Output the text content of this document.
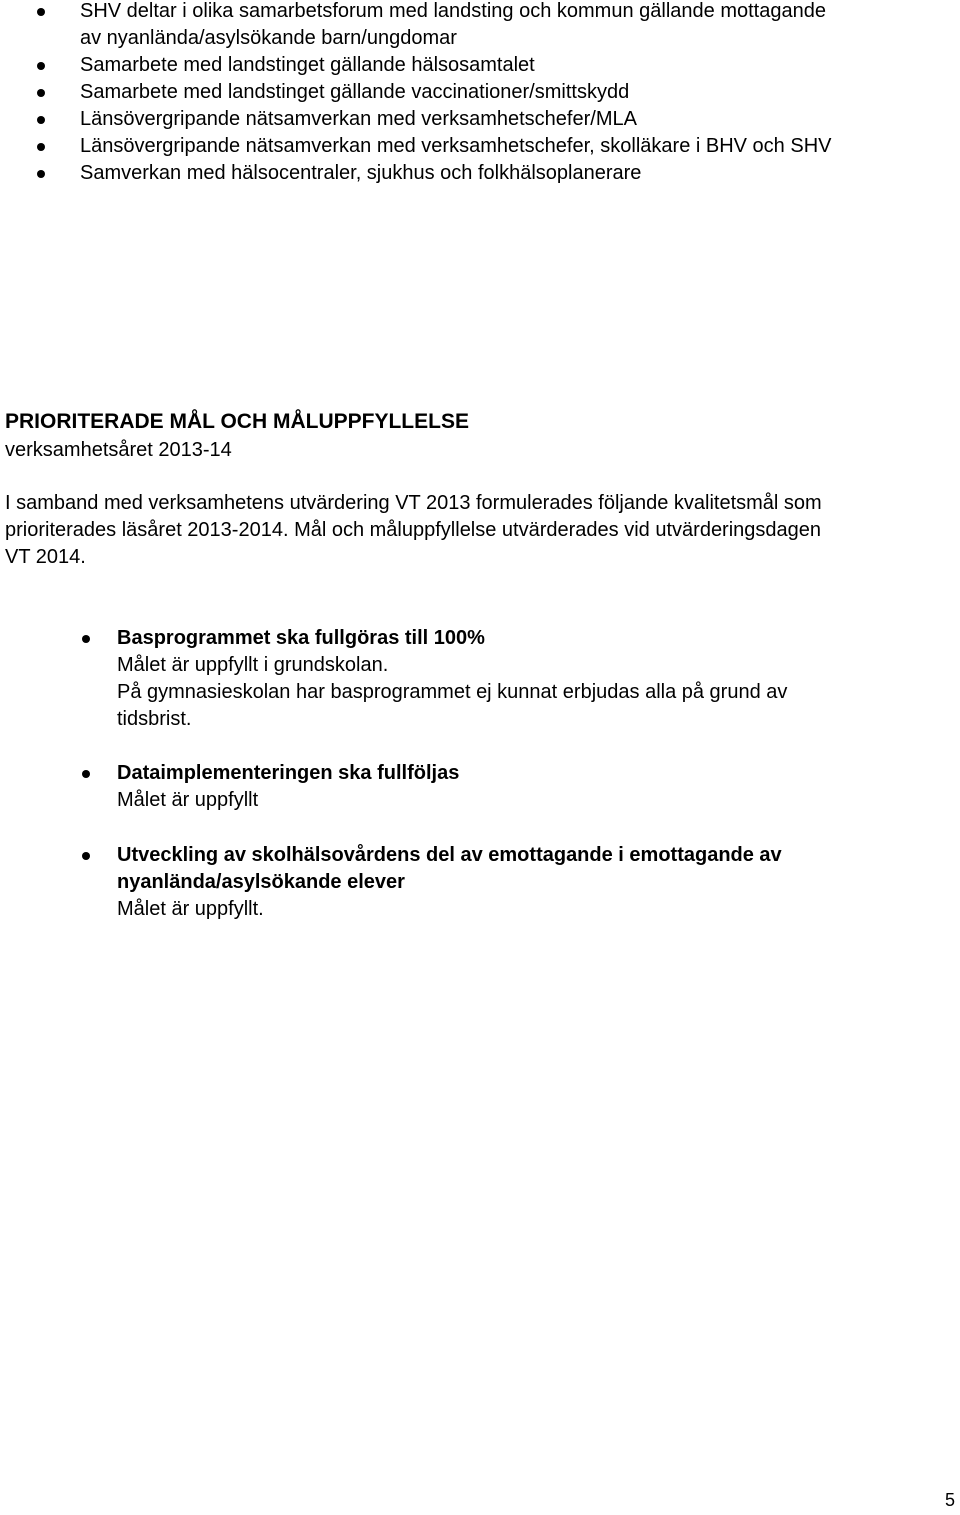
SHV deltar i olika samarbetsforum med landsting och kommun gällande mottagande
av nyanlända/asylsökande barn/ungdomar
Samarbete med landstinget gällande hälsosamtalet
Samarbete med landstinget gällande vaccinationer/smittskydd
Länsövergripande nätsamverkan med verksamhetschefer/MLA
Länsövergripande nätsamverkan med verksamhetschefer, skolläkare i BHV och SHV
Samverkan med hälsocentraler, sjukhus och folkhälsoplanerare
PRIORITERADE MÅL OCH MÅLUPPFYLLELSE
verksamhetsåret 2013-14
I samband med verksamhetens utvärdering VT 2013 formulerades följande kvalitetsmål som
prioriterades läsåret 2013-2014. Mål och måluppfyllelse utvärderades vid utvärderingsdagen
VT 2014.
Basprogrammet ska fullgöras till 100%
Målet är uppfyllt i grundskolan.
På gymnasieskolan har basprogrammet ej kunnat erbjudas alla på grund av
tidsbrist.
Dataimplementeringen ska fullföljas
Målet är uppfyllt
Utveckling av skolhälsovårdens del av emottagande i emottagande av
nyanlända/asylsökande elever
Målet är uppfyllt.
5
